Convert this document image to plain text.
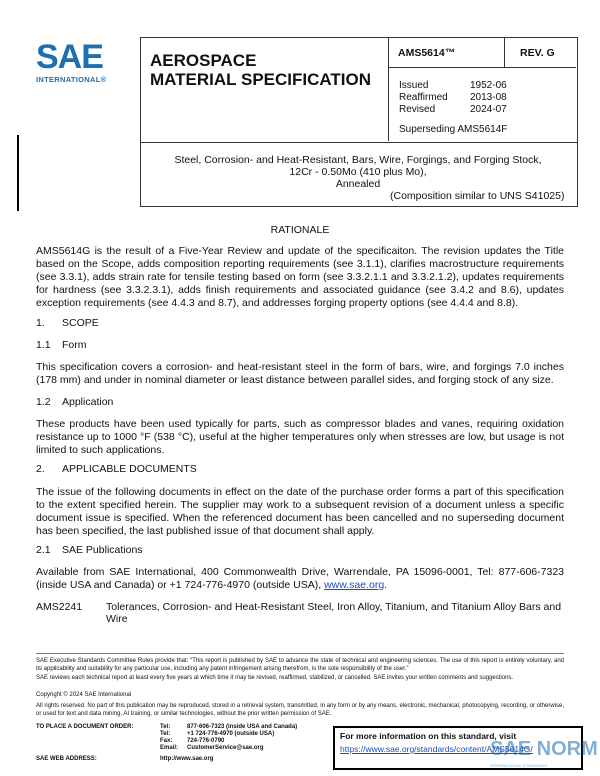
SAE
INTERNATIONAL®
AEROSPACE
MATERIAL SPECIFICATION
AMS5614™	REV. G
Issued	1952-06
Reaffirmed 2013-08
Revised	2024-07
Superseding AMS5614F
Steel, Corrosion- and Heat-Resistant, Bars, Wire, Forgings, and Forging Stock,
12Cr - 0.50Mo (410 plus Mo),
Annealed
(Composition similar to UNS S41025)
RATIONALE
AMS5614G is the result of a Five-Year Review and update of the specificaiton. The revision updates the Title based on the Scope, adds composition reporting requirements (see 3.1.1), clarifies macrostructure requirements (see 3.3.1), adds strain rate for tensile testing based on form (see 3.3.2.1.1 and 3.3.2.1.2), updates requirements for hardness (see 3.3.2.3.1), adds finish requirements and associated guidance (see 3.4.2 and 8.6), updates exception requirements (see 4.4.3 and 8.7), and addresses forging property options (see 4.4.4 and 8.8).
1. SCOPE
1.1 Form
This specification covers a corrosion- and heat-resistant steel in the form of bars, wire, and forgings 7.0 inches (178 mm) and under in nominal diameter or least distance between parallel sides, and forging stock of any size.
1.2 Application
These products have been used typically for parts, such as compressor blades and vanes, requiring oxidation resistance up to 1000 °F (538 °C), useful at the higher temperatures only when stresses are low, but usage is not limited to such applications.
2. APPLICABLE DOCUMENTS
The issue of the following documents in effect on the date of the purchase order forms a part of this specification to the extent specified herein. The supplier may work to a subsequent revision of a document unless a specific document issue is specified. When the referenced document has been cancelled and no superseding document has been specified, the last published issue of that document shall apply.
2.1 SAE Publications
Available from SAE International, 400 Commonwealth Drive, Warrendale, PA 15096-0001, Tel: 877-606-7323 (inside USA and Canada) or +1 724-776-4970 (outside USA), www.sae.org.
AMS2241 Tolerances, Corrosion- and Heat-Resistant Steel, Iron Alloy, Titanium, and Titanium Alloy Bars and Wire
SAE Executive Standards Committee Rules provide that: “This report is published by SAE to advance the state of technical and engineering sciences. The use of this report is entirely voluntary, and its applicability and suitability for any particular use, including any patent infringement arising therefrom, is the sole responsibility of the user.”
SAE reviews each technical report at least every five years at which time it may be revised, reaffirmed, stabilized, or cancelled. SAE invites your written comments and suggestions.
Copyright © 2024 SAE International
All rights reserved. No part of this publication may be reproduced, stored in a retrieval system, transmitted, in any form or by any means, electronic, mechanical, photocopying, recording, or otherwise, or used for text and data mining, AI training, or similar technologies, without the prior written permission of SAE.
TO PLACE A DOCUMENT ORDER:	Tel:	877-606-7323 (inside USA and Canada)
Tel:	+1 724-776-4970 (outside USA)
Fax: 724-776-0790
Email: CustomerService@sae.org
SAE WEB ADDRESS:	http://www.sae.org
For more information on this standard, visit
https://www.sae.org/standards/content/AMS5614G/
SAE NORM
INTERNATIONAL STANDARDS
